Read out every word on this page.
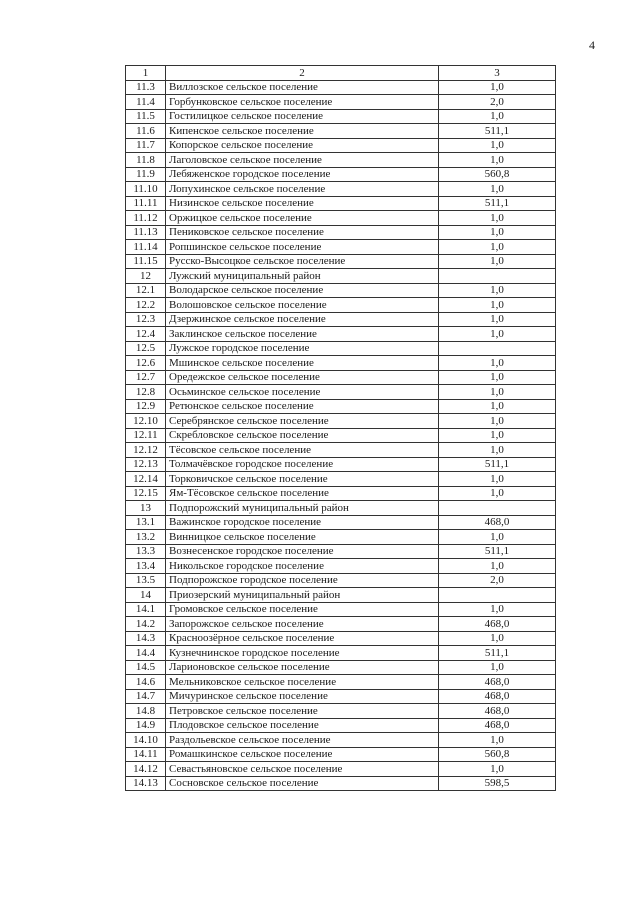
4
1	2	3
11.3	Виллозское сельское поселение	1,0
11.4	Горбунковское сельское поселение	2,0
11.5	Гостилицкое сельское поселение	1,0
11.6	Кипенское сельское поселение	511,1
11.7	Копорское сельское поселение	1,0
11.8	Лаголовское сельское поселение	1,0
11.9	Лебяженское городское поселение	560,8
11.10	Лопухинское сельское поселение	1,0
11.11	Низинское сельское поселение	511,1
11.12	Оржицкое сельское поселение	1,0
11.13	Пениковское сельское поселение	1,0
11.14	Ропшинское сельское поселение	1,0
11.15	Русско-Высоцкое сельское поселение	1,0
12	Лужский муниципальный район	
12.1	Володарское сельское поселение	1,0
12.2	Волошовское сельское поселение	1,0
12.3	Дзержинское сельское поселение	1,0
12.4	Заклинское сельское поселение	1,0
12.5	Лужское городское поселение	
12.6	Мшинское сельское поселение	1,0
12.7	Оредежское сельское поселение	1,0
12.8	Осьминское сельское поселение	1,0
12.9	Ретюнское сельское поселение	1,0
12.10	Серебрянское сельское поселение	1,0
12.11	Скребловское сельское поселение	1,0
12.12	Тёсовское сельское поселение	1,0
12.13	Толмачёвское городское поселение	511,1
12.14	Торковичское сельское поселение	1,0
12.15	Ям-Тёсовское сельское поселение	1,0
13	Подпорожский муниципальный район	
13.1	Важинское городское поселение	468,0
13.2	Винницкое сельское поселение	1,0
13.3	Вознесенское городское поселение	511,1
13.4	Никольское городское поселение	1,0
13.5	Подпорожское городское поселение	2,0
14	Приозерский муниципальный район	
14.1	Громовское сельское поселение	1,0
14.2	Запорожское сельское поселение	468,0
14.3	Красноозёрное сельское поселение	1,0
14.4	Кузнечнинское городское поселение	511,1
14.5	Ларионовское сельское поселение	1,0
14.6	Мельниковское сельское поселение	468,0
14.7	Мичуринское сельское поселение	468,0
14.8	Петровское сельское поселение	468,0
14.9	Плодовское сельское поселение	468,0
14.10	Раздольевское сельское поселение	1,0
14.11	Ромашкинское сельское поселение	560,8
14.12	Севастьяновское сельское поселение	1,0
14.13	Сосновское сельское поселение	598,5
